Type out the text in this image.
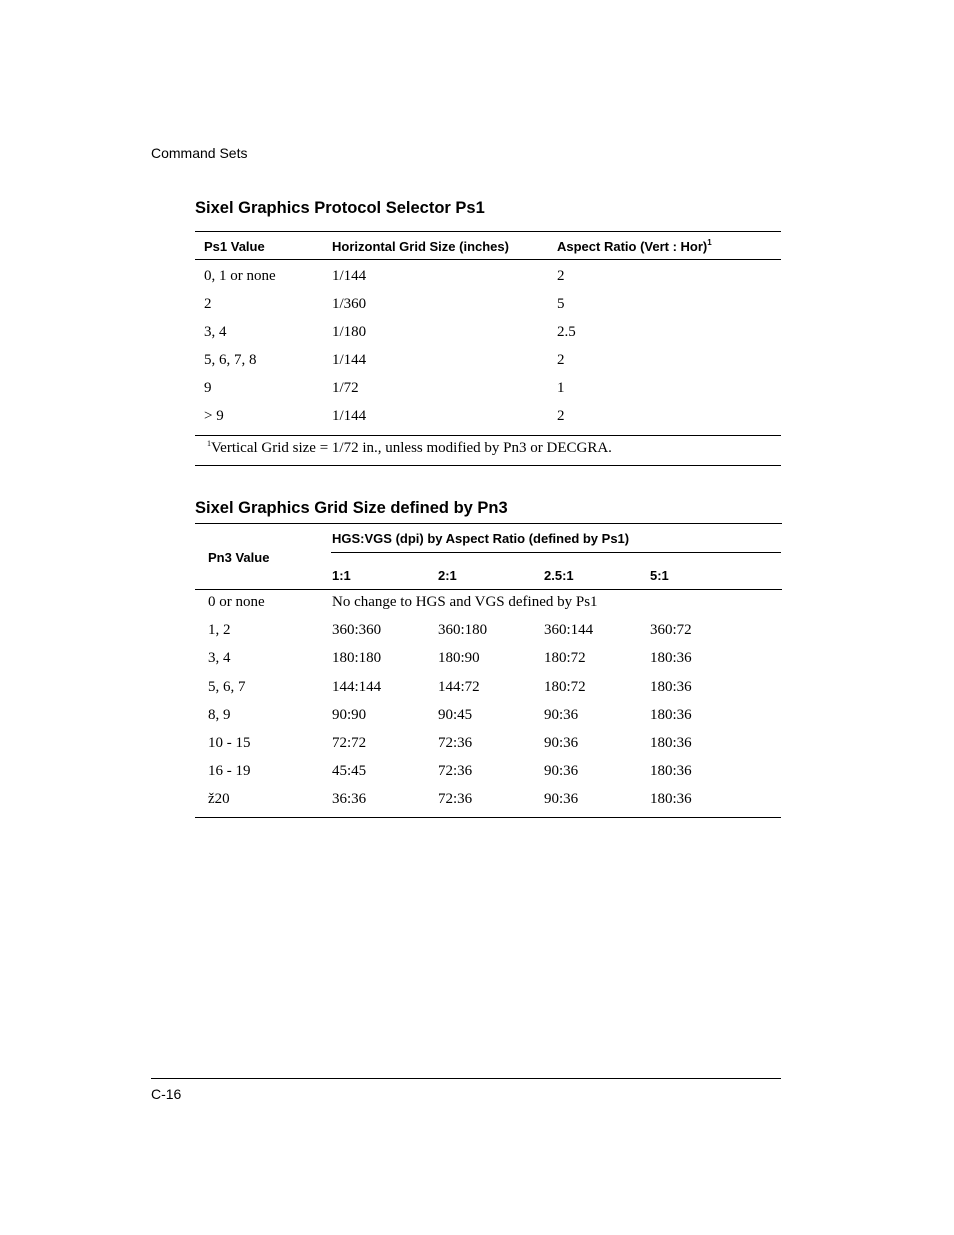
Command Sets
Sixel Graphics Protocol Selector Ps1
Ps1 Value	Horizontal Grid Size (inches)	Aspect Ratio (Vert : Hor)$^1$
0, 1 or none	1/144	2
2	1/360	5
3, 4	1/180	2.5
5, 6, 7, 8	1/144	2
9	1/72	1
> 9	1/144	2
$^1$Vertical Grid size = 1/72 in., unless modified by Pn3 or DECGRA.
Sixel Graphics Grid Size defined by Pn3
Pn3 Value
HGS:VGS (dpi) by Aspect Ratio (defined by Ps1)
1:1	2:1	2.5:1	5:1
0 or none	No change to HGS and VGS defined by Ps1
1, 2	360:360	360:180	360:144	360:72
3, 4	180:180	180:90	180:72	180:36
5, 6, 7	144:144	144:72	180:72	180:36
8, 9	90:90	90:45	90:36	180:36
10 - 15	72:72	72:36	90:36	180:36
16 - 19	45:45	72:36	90:36	180:36
ž20	36:36	72:36	90:36	180:36
C-16
